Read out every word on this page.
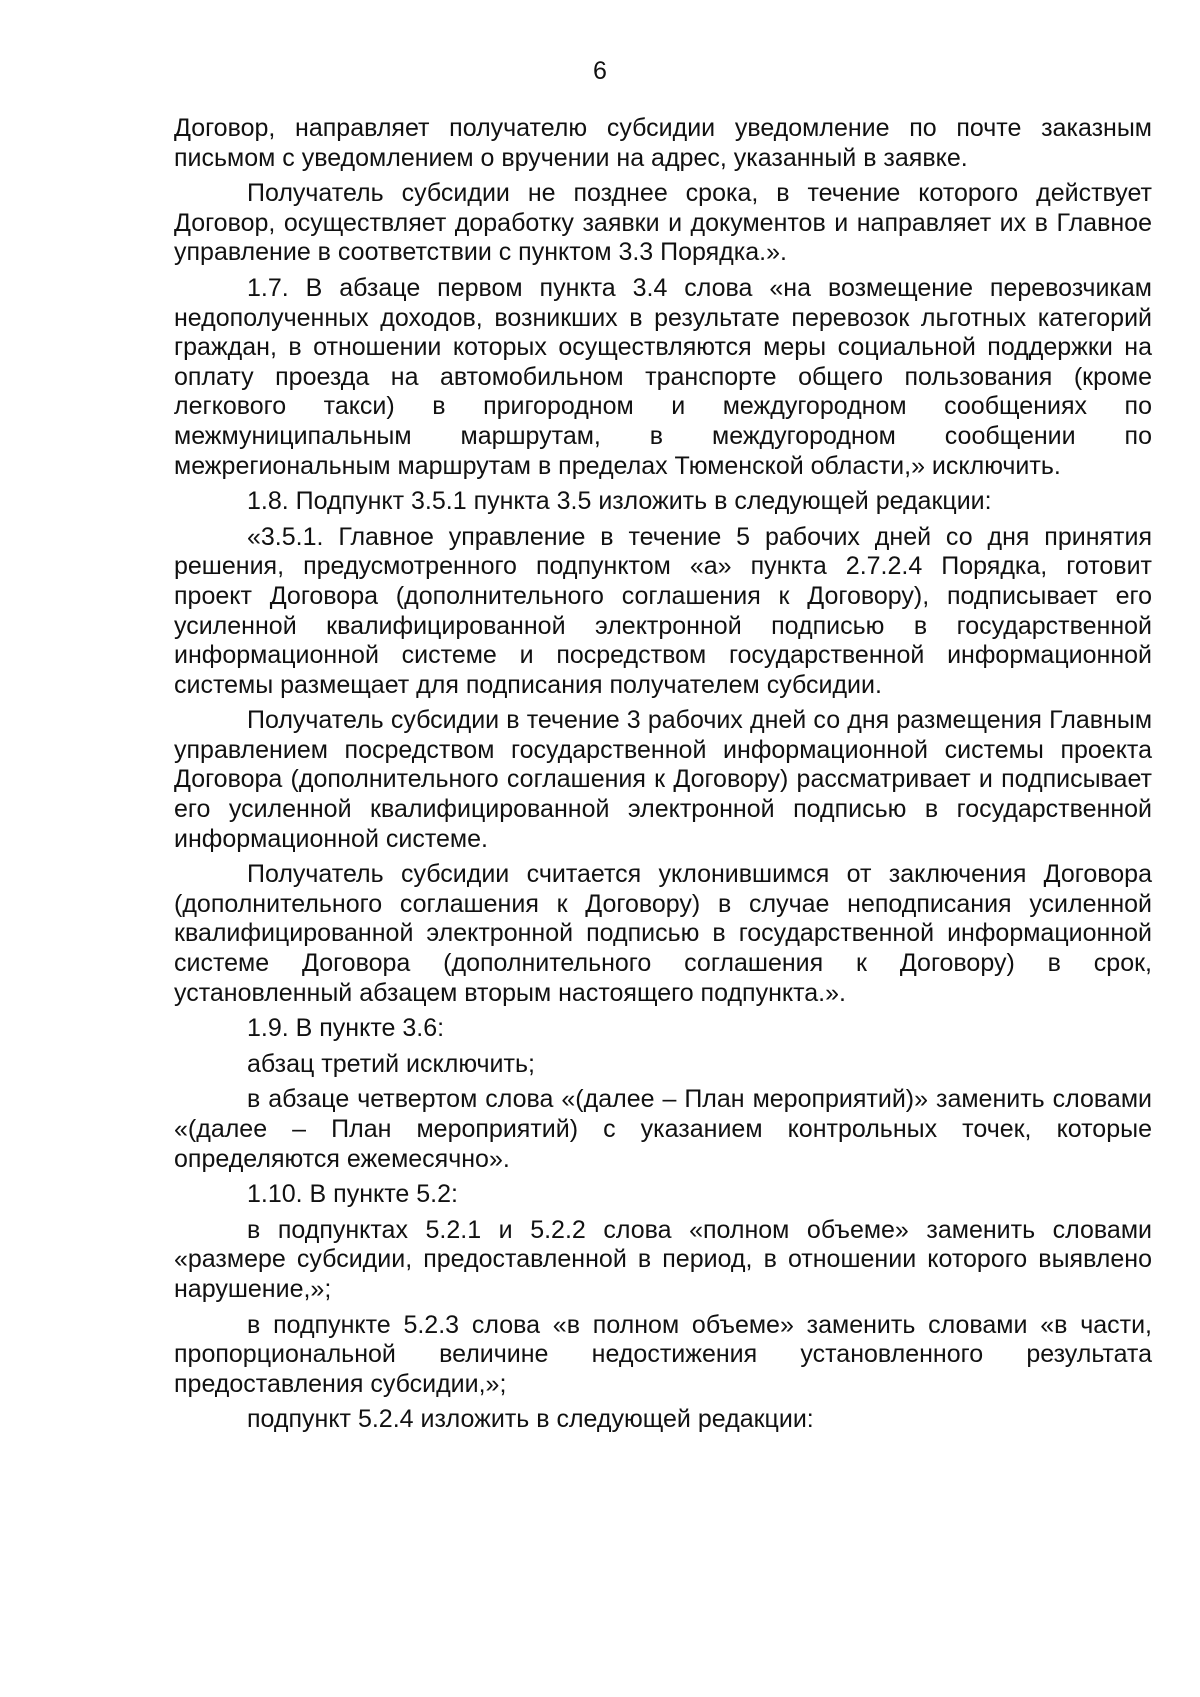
6

Договор, направляет получателю субсидии уведомление по почте заказным письмом с уведомлением о вручении на адрес, указанный в заявке.

Получатель субсидии не позднее срока, в течение которого действует Договор, осуществляет доработку заявки и документов и направляет их в Главное управление в соответствии с пунктом 3.3 Порядка.».

1.7. В абзаце первом пункта 3.4 слова «на возмещение перевозчикам недополученных доходов, возникших в результате перевозок льготных категорий граждан, в отношении которых осуществляются меры социальной поддержки на оплату проезда на автомобильном транспорте общего пользования (кроме легкового такси) в пригородном и междугородном сообщениях по межмуниципальным маршрутам, в междугородном сообщении по межрегиональным маршрутам в пределах Тюменской области,» исключить.

1.8. Подпункт 3.5.1 пункта 3.5 изложить в следующей редакции:

«3.5.1. Главное управление в течение 5 рабочих дней со дня принятия решения, предусмотренного подпунктом «а» пункта 2.7.2.4 Порядка, готовит проект Договора (дополнительного соглашения к Договору), подписывает его усиленной квалифицированной электронной подписью в государственной информационной системе и посредством государственной информационной системы размещает для подписания получателем субсидии.

Получатель субсидии в течение 3 рабочих дней со дня размещения Главным управлением посредством государственной информационной системы проекта Договора (дополнительного соглашения к Договору) рассматривает и подписывает его усиленной квалифицированной электронной подписью в государственной информационной системе.

Получатель субсидии считается уклонившимся от заключения Договора (дополнительного соглашения к Договору) в случае неподписания усиленной квалифицированной электронной подписью в государственной информационной системе Договора (дополнительного соглашения к Договору) в срок, установленный абзацем вторым настоящего подпункта.».

1.9. В пункте 3.6:

абзац третий исключить;

в абзаце четвертом слова «(далее – План мероприятий)» заменить словами «(далее – План мероприятий) с указанием контрольных точек, которые определяются ежемесячно».

1.10. В пункте 5.2:

в подпунктах 5.2.1 и 5.2.2 слова «полном объеме» заменить словами «размере субсидии, предоставленной в период, в отношении которого выявлено нарушение,»;

в подпункте 5.2.3 слова «в полном объеме» заменить словами «в части, пропорциональной величине недостижения установленного результата предоставления субсидии,»;

подпункт 5.2.4 изложить в следующей редакции:
